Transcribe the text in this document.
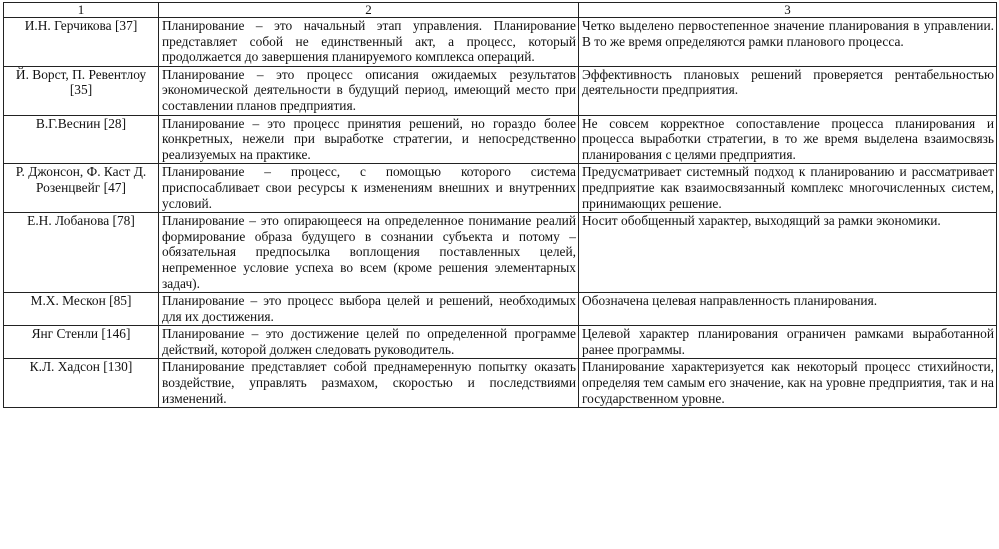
1	2	3
И.Н. Герчикова [37]	Планирование – это начальный этап управления. Планирование представляет собой не единственный акт, а процесс, который продолжается до завершения планируемого комплекса операций.	Четко выделено первостепенное значение планирования в управлении. В то же время определяются рамки планового процесса.
Й. Ворст, П. Ревентлоу [35]	Планирование – это процесс описания ожидаемых результатов экономической деятельности в будущий период, имеющий место при составлении планов предприятия.	Эффективность плановых решений проверяется рентабельностью деятельности предприятия.
В.Г.Веснин [28]	Планирование – это процесс принятия решений, но гораздо более конкретных, нежели при выработке стратегии, и непосредственно реализуемых на практике.	Не совсем корректное сопоставление процесса планирования и процесса выработки стратегии, в то же время выделена взаимосвязь планирования с целями предприятия.
Р. Джонсон, Ф. Каст Д. Розенцвейг [47]	Планирование – процесс, с помощью которого система приспосабливает свои ресурсы к изменениям внешних и внутренних условий.	Предусматривает системный подход к планированию и рассматривает предприятие как взаимосвязанный комплекс многочисленных систем, принимающих решение.
Е.Н. Лобанова [78]	Планирование – это опирающееся на определенное понимание реалий формирование образа будущего в сознании субъекта и потому – обязательная предпосылка воплощения поставленных целей, непременное условие успеха во всем (кроме решения элементарных задач).	Носит обобщенный характер, выходящий за рамки экономики.
М.Х. Мескон [85]	Планирование – это процесс выбора целей и решений, необходимых для их достижения.	Обозначена целевая направленность планирования.
Янг Стенли [146]	Планирование – это достижение целей по определенной программе действий, которой должен следовать руководитель.	Целевой характер планирования ограничен рамками выработанной ранее программы.
К.Л. Хадсон [130]	Планирование представляет собой преднамеренную попытку оказать воздействие, управлять размахом, скоростью и последствиями изменений.	Планирование характеризуется как некоторый процесс стихийности, определяя тем самым его значение, как на уровне предприятия, так и на государственном уровне.
